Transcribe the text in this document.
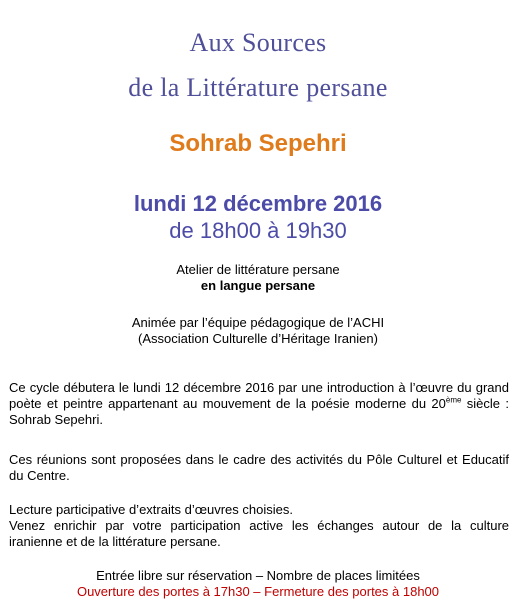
Aux Sources
de la Littérature persane
Sohrab Sepehri
lundi 12 décembre 2016
de 18h00 à 19h30
Atelier de littérature persane
en langue persane
Animée par l’équipe pédagogique de l’ACHI
(Association Culturelle d’Héritage Iranien)
Ce cycle débutera le lundi 12 décembre 2016 par une introduction à l’œuvre du grand poète et peintre appartenant au mouvement de la poésie moderne du 20ème siècle : Sohrab Sepehri.
Ces réunions sont proposées dans le cadre des activités du Pôle Culturel et Educatif du Centre.
Lecture participative d’extraits d’œuvres choisies.
Venez enrichir par votre participation active les échanges autour de la culture iranienne et de la littérature persane.
Entrée libre sur réservation – Nombre de places limitées
Ouverture des portes à 17h30 – Fermeture des portes à 18h00
